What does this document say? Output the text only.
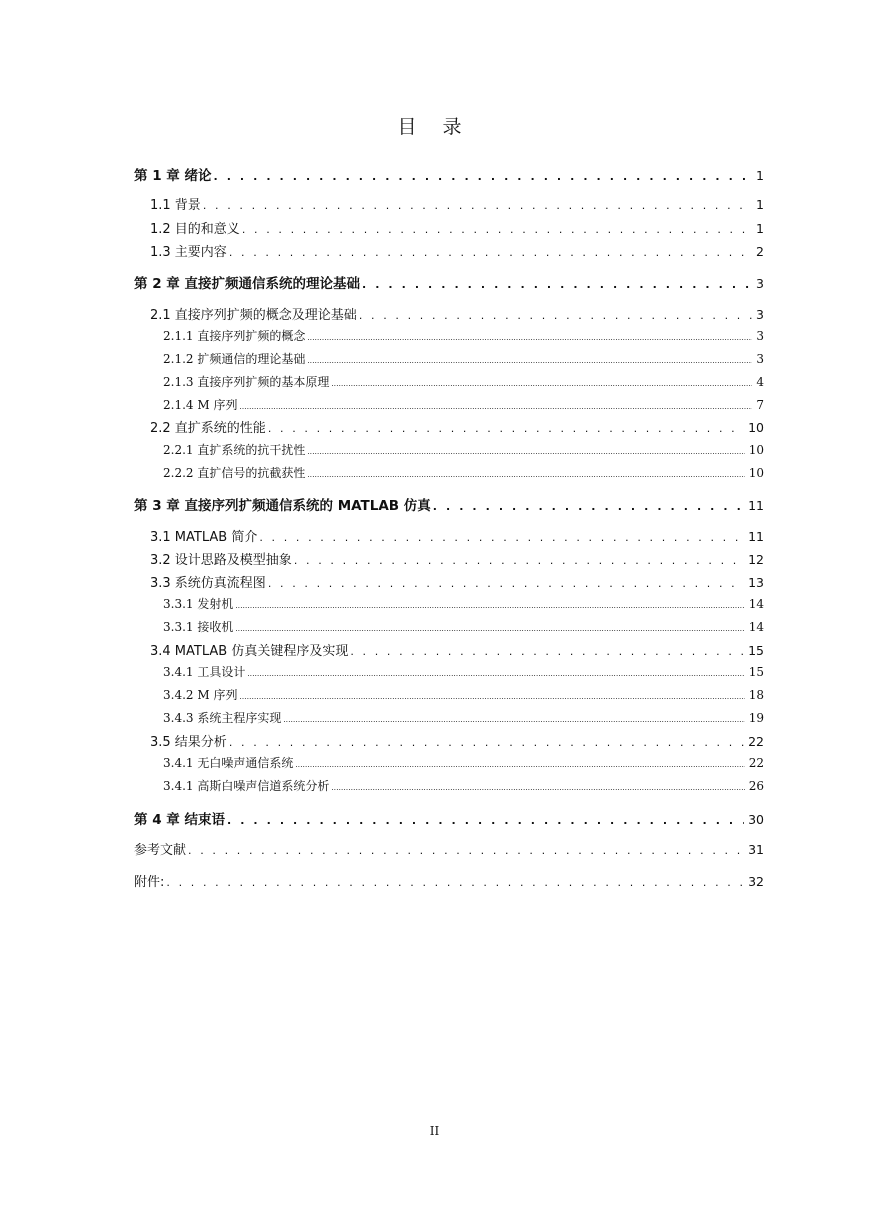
目 录
第 1 章 绪论 . . .	1
1.1 背景 . . .	1
1.2 目的和意义 . . .	1
1.3 主要内容 . . .	2
第 2 章 直接扩频通信系统的理论基础 . . .	3
2.1 直接序列扩频的概念及理论基础 . . .	3
2.1.1 直接序列扩频的概念 .....	3
2.1.2 扩频通信的理论基础 .....	3
2.1.3 直接序列扩频的基本原理 .....	4
2.1.4 M 序列 .....	7
2.2 直扩系统的性能 . . .	10
2.2.1 直扩系统的抗干扰性 .....	10
2.2.2 直扩信号的抗截获性 .....	10
第 3 章 直接序列扩频通信系统的 MATLAB 仿真 . . .	11
3.1 MATLAB 简介 . . .	11
3.2 设计思路及模型抽象 . . .	12
3.3 系统仿真流程图 . . .	13
3.3.1 发射机 .....	14
3.3.1 接收机 .....	14
3.4 MATLAB 仿真关键程序及实现 . . .	15
3.4.1 工具设计 .....	15
3.4.2 M 序列 .....	18
3.4.3 系统主程序实现 .....	19
3.5 结果分析 . . .	22
3.4.1 无白噪声通信系统 .....	22
3.4.1 高斯白噪声信道系统分析 .....	26
第 4 章 结束语 . . .	30
参考文献 . . .	31
附件: . . .	32
II
